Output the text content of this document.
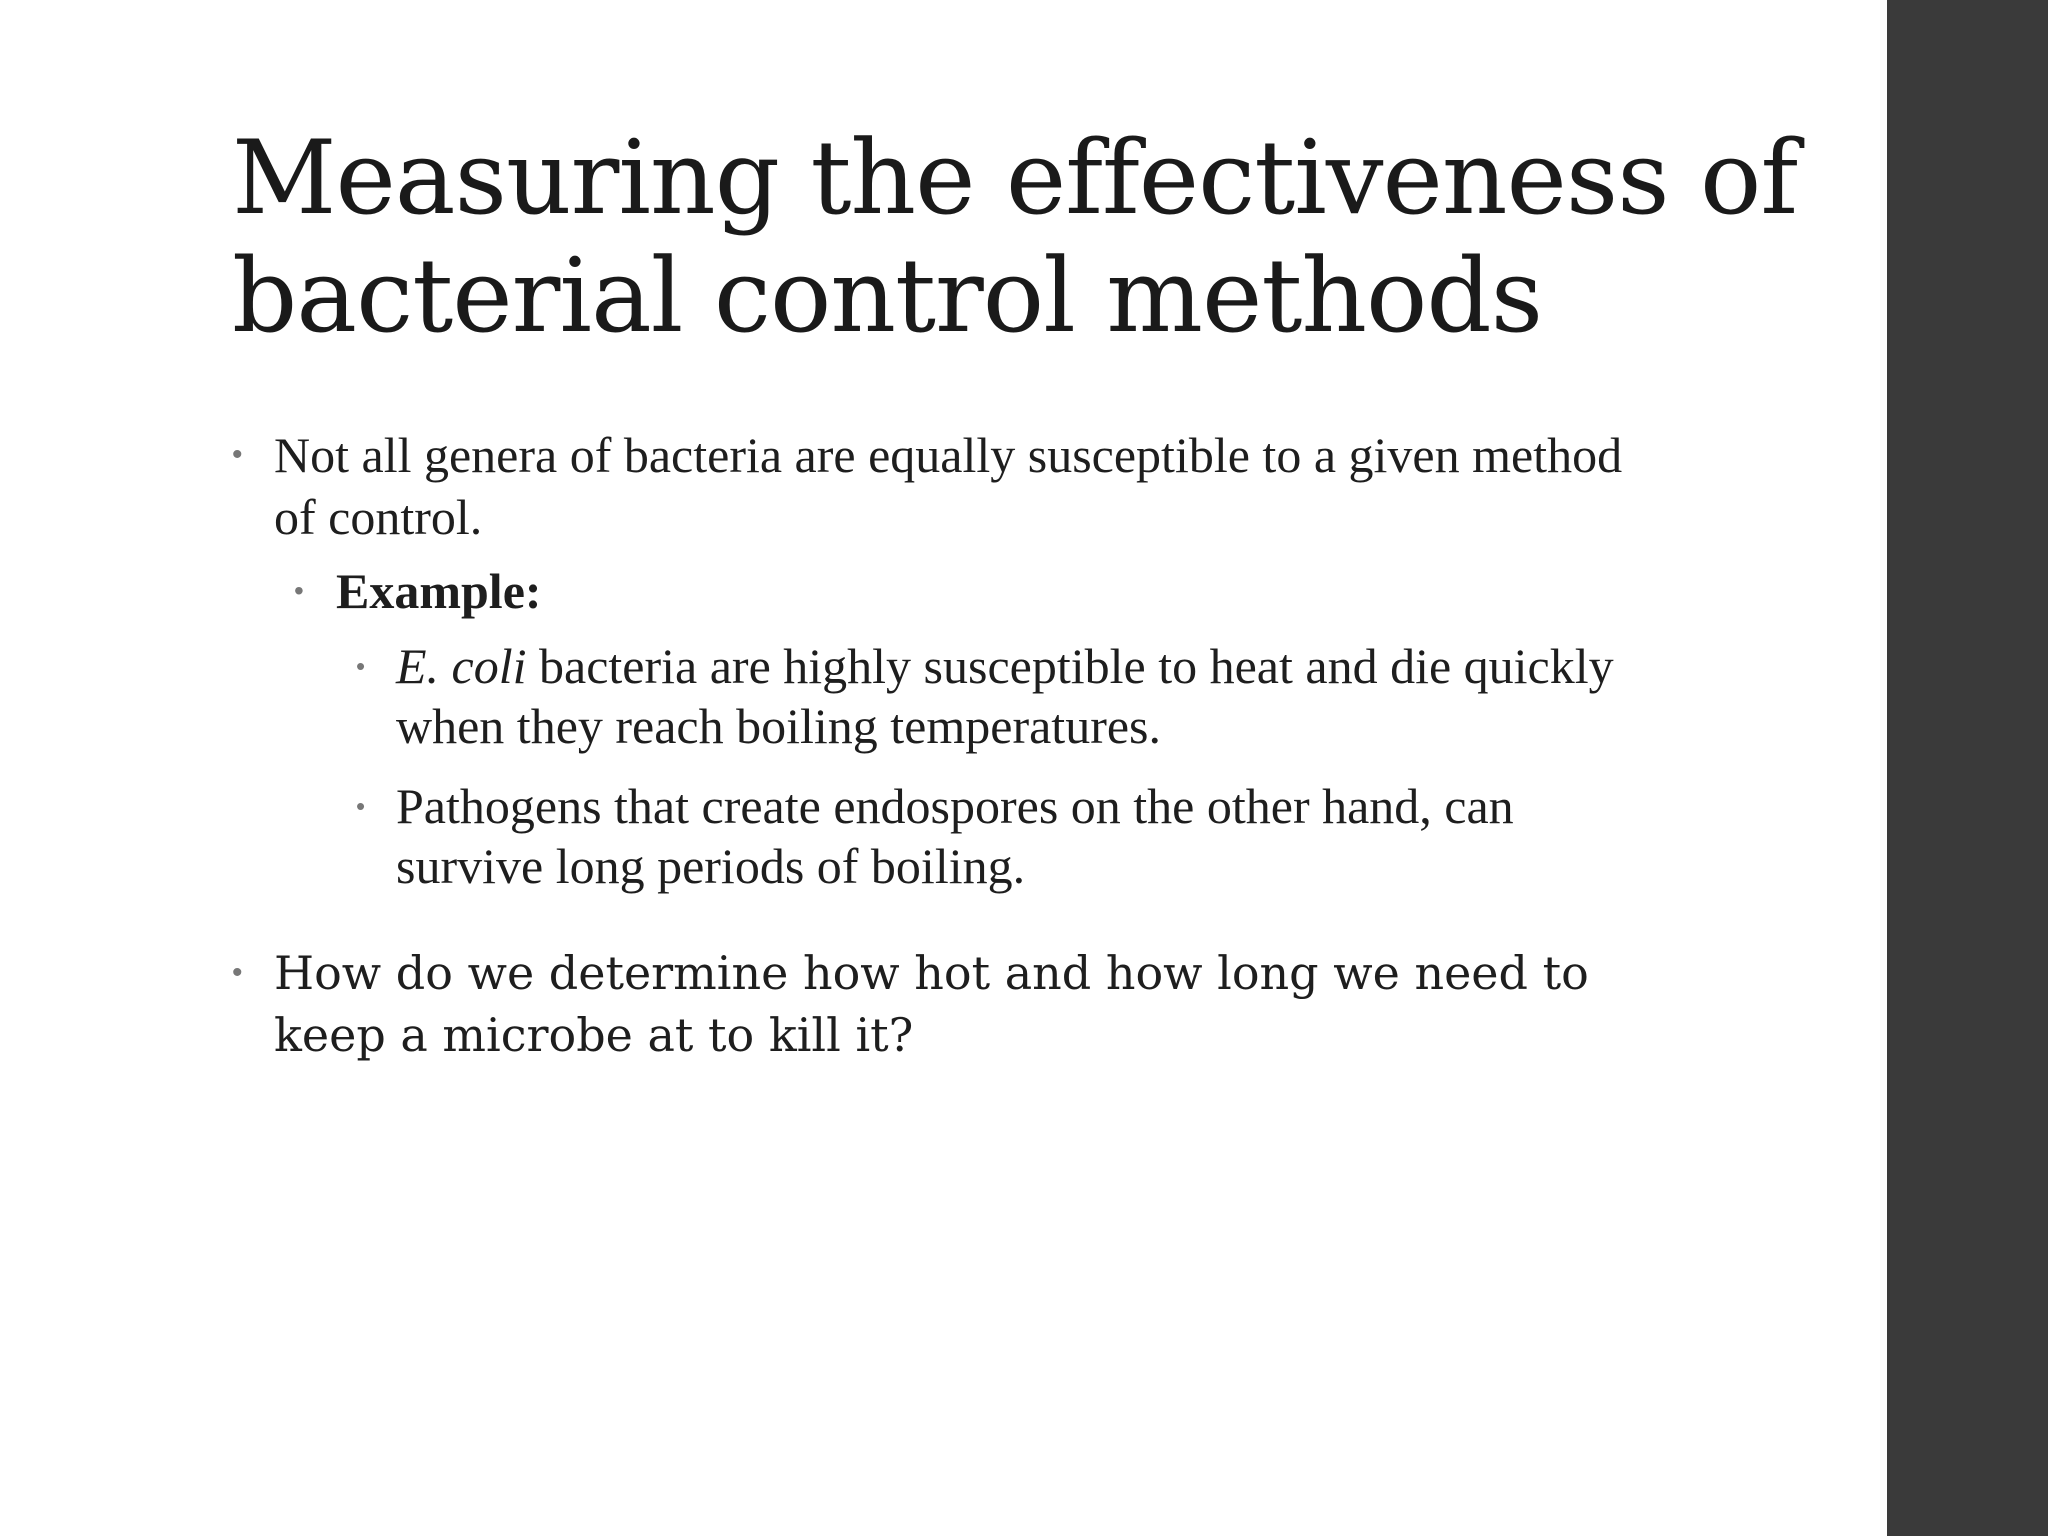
Measuring the effectiveness of
bacterial control methods

• Not all genera of bacteria are equally susceptible to a given method of control.

• Example:

• E. coli bacteria are highly susceptible to heat and die quickly when they reach boiling temperatures.

• Pathogens that create endospores on the other hand, can survive long periods of boiling.

• How do we determine how hot and how long we need to keep a microbe at to kill it?
